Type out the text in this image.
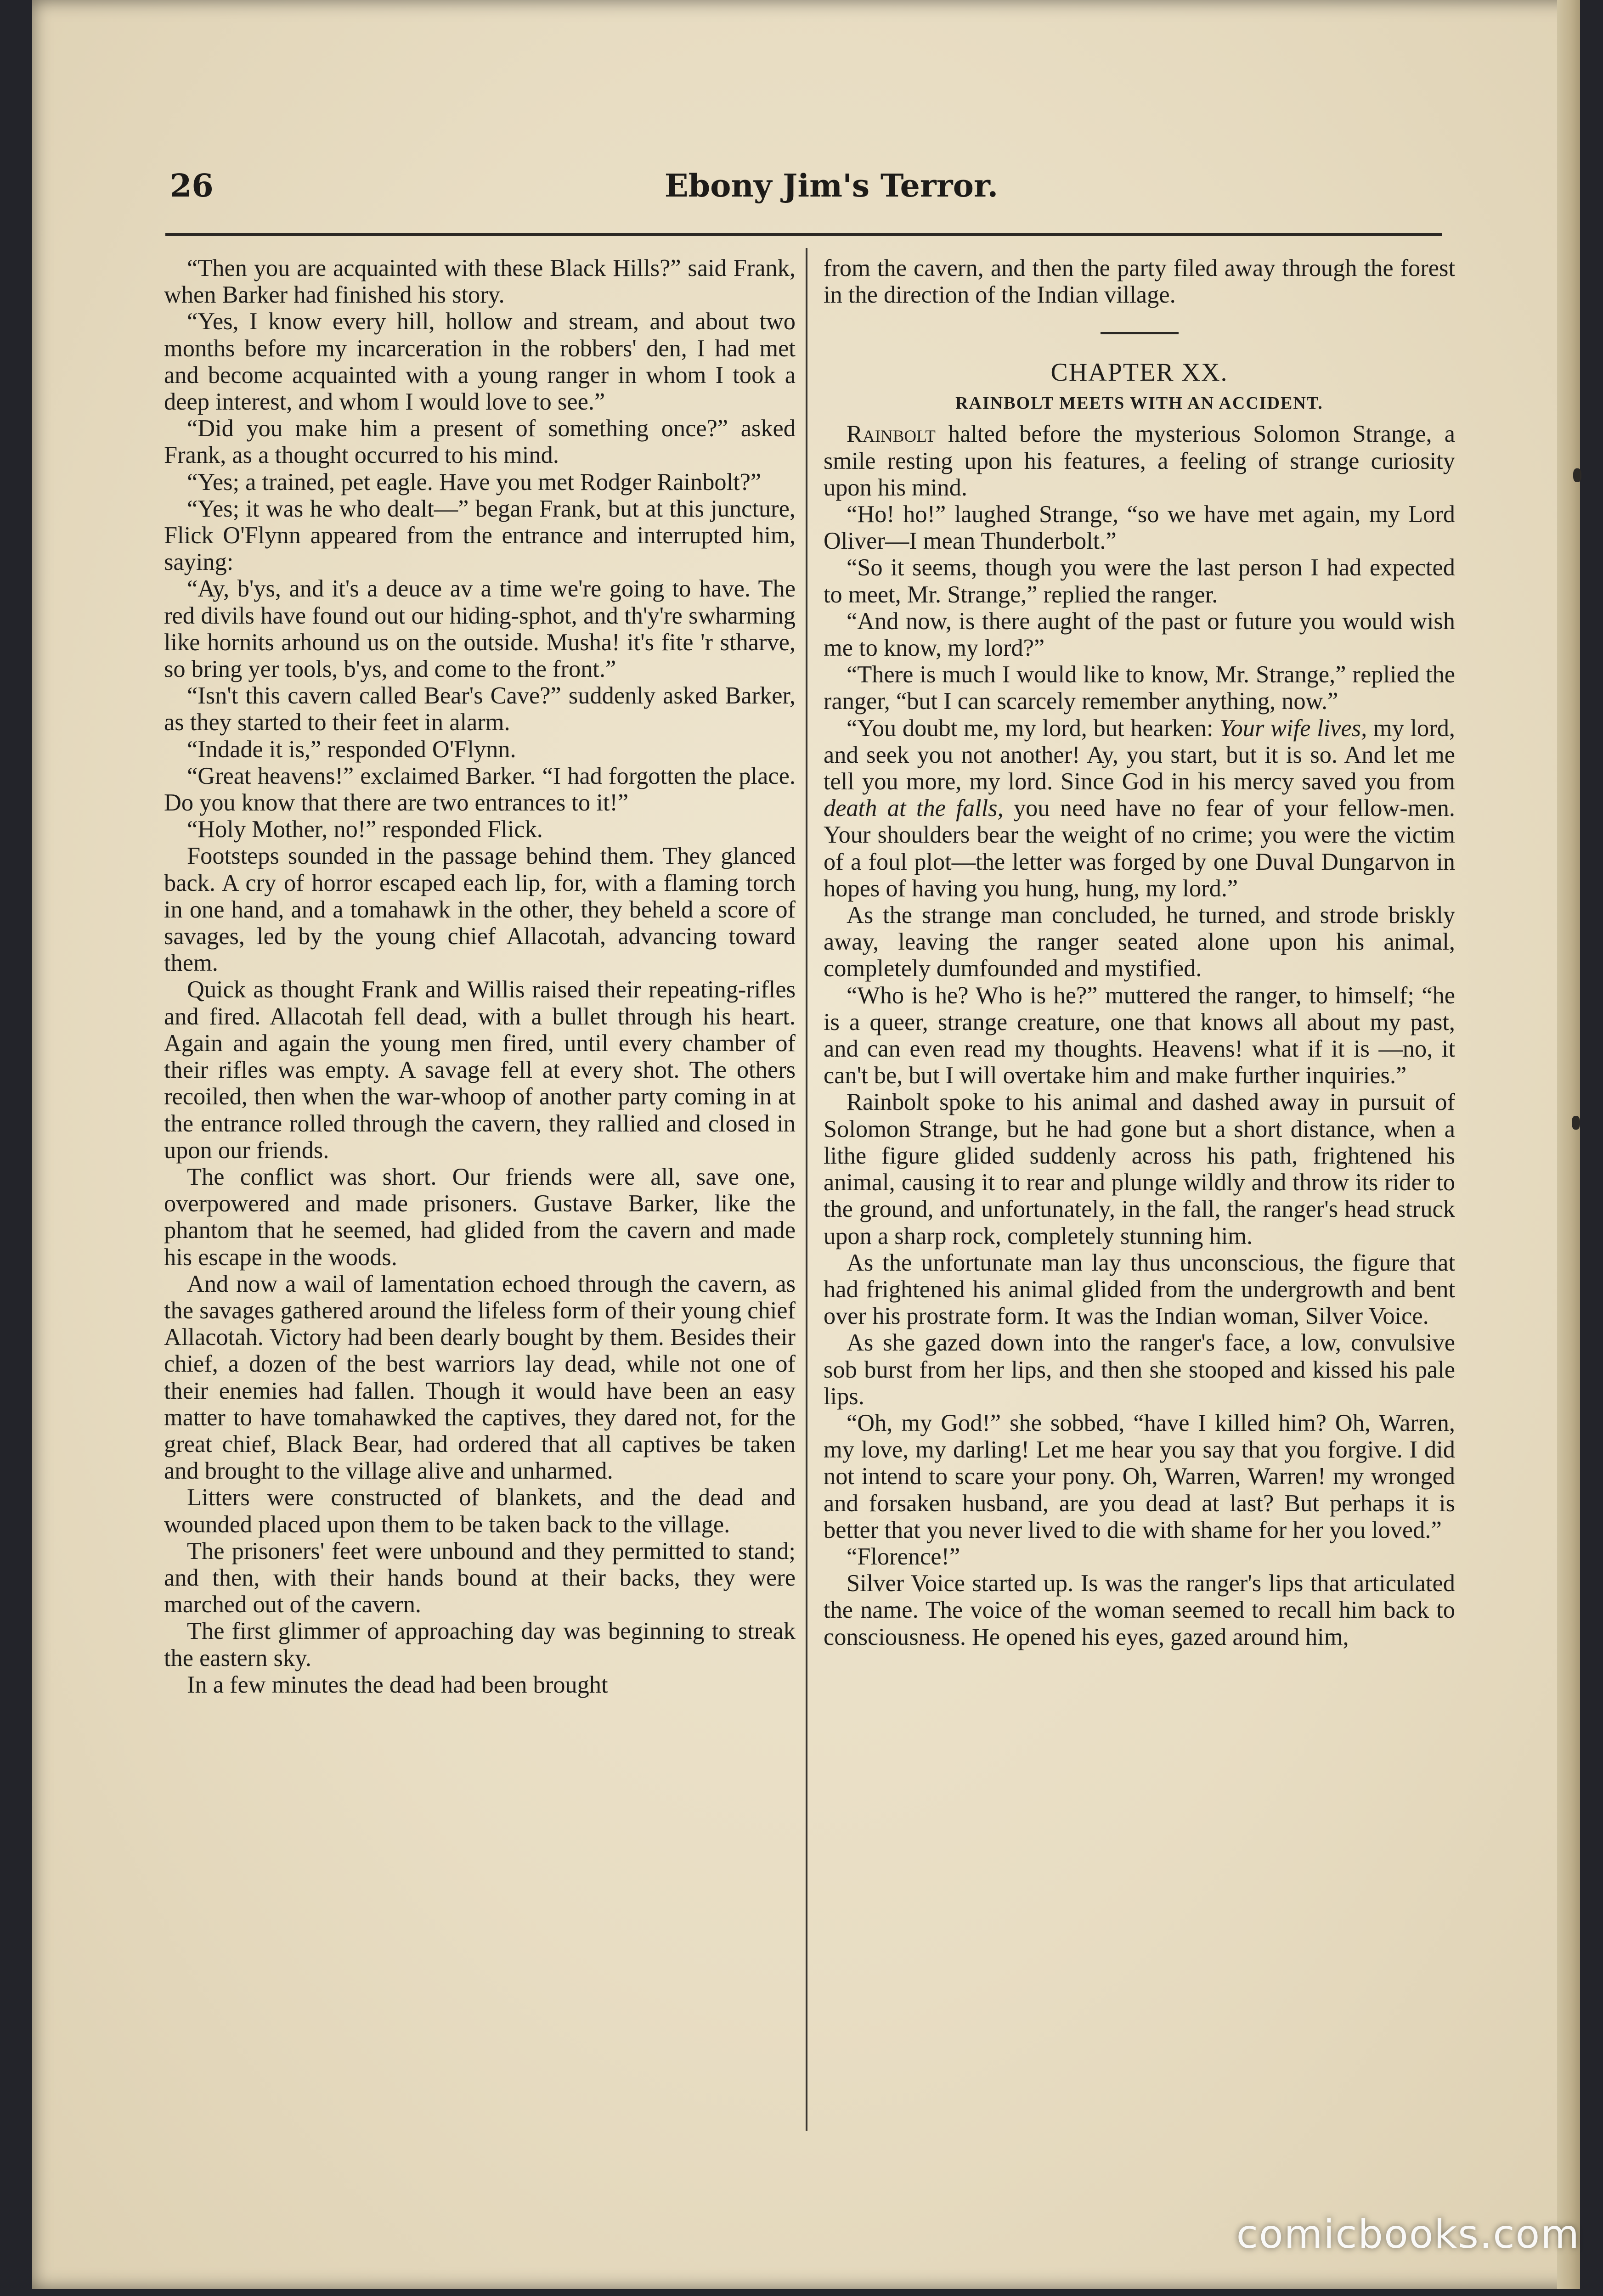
26	Ebony Jim's Terror.

“Then you are acquainted with these Black Hills?” said Frank, when Barker had finished his story.

“Yes, I know every hill, hollow and stream, and about two months before my incarceration in the robbers' den, I had met and become acquainted with a young ranger in whom I took a deep interest, and whom I would love to see.”

“Did you make him a present of something once?” asked Frank, as a thought occurred to his mind.

“Yes; a trained, pet eagle. Have you met Rodger Rainbolt?”

“Yes; it was he who dealt—” began Frank, but at this juncture, Flick O'Flynn appeared from the entrance and interrupted him, saying:

“Ay, b'ys, and it's a deuce av a time we're going to have. The red divils have found out our hiding-sphot, and th'y're swharming like hornits arhound us on the outside. Musha! it's fite 'r stharve, so bring yer tools, b'ys, and come to the front.”

“Isn't this cavern called Bear's Cave?” suddenly asked Barker, as they started to their feet in alarm.

“Indade it is,” responded O'Flynn.

“Great heavens!” exclaimed Barker. “I had forgotten the place. Do you know that there are two entrances to it!”

“Holy Mother, no!” responded Flick.

Footsteps sounded in the passage behind them. They glanced back. A cry of horror escaped each lip, for, with a flaming torch in one hand, and a tomahawk in the other, they beheld a score of savages, led by the young chief Allacotah, advancing toward them.

Quick as thought Frank and Willis raised their repeating-rifles and fired. Allacotah fell dead, with a bullet through his heart. Again and again the young men fired, until every chamber of their rifles was empty. A savage fell at every shot. The others recoiled, then when the war-whoop of another party coming in at the entrance rolled through the cavern, they rallied and closed in upon our friends.

The conflict was short. Our friends were all, save one, overpowered and made prisoners. Gustave Barker, like the phantom that he seemed, had glided from the cavern and made his escape in the woods.

And now a wail of lamentation echoed through the cavern, as the savages gathered around the lifeless form of their young chief Allacotah. Victory had been dearly bought by them. Besides their chief, a dozen of the best warriors lay dead, while not one of their enemies had fallen. Though it would have been an easy matter to have tomahawked the captives, they dared not, for the great chief, Black Bear, had ordered that all captives be taken and brought to the village alive and unharmed.

Litters were constructed of blankets, and the dead and wounded placed upon them to be taken back to the village.

The prisoners' feet were unbound and they permitted to stand; and then, with their hands bound at their backs, they were marched out of the cavern.

The first glimmer of approaching day was beginning to streak the eastern sky.

In a few minutes the dead had been brought

from the cavern, and then the party filed away through the forest in the direction of the Indian village.

CHAPTER XX.
RAINBOLT MEETS WITH AN ACCIDENT.

Rainbolt halted before the mysterious Solomon Strange, a smile resting upon his features, a feeling of strange curiosity upon his mind.

“Ho! ho!” laughed Strange, “so we have met again, my Lord Oliver—I mean Thunderbolt.”

“So it seems, though you were the last person I had expected to meet, Mr. Strange,” replied the ranger.

“And now, is there aught of the past or future you would wish me to know, my lord?”

“There is much I would like to know, Mr. Strange,” replied the ranger, “but I can scarcely remember anything, now.”

“You doubt me, my lord, but hearken: Your wife lives, my lord, and seek you not another! Ay, you start, but it is so. And let me tell you more, my lord. Since God in his mercy saved you from death at the falls, you need have no fear of your fellow-men. Your shoulders bear the weight of no crime; you were the victim of a foul plot—the letter was forged by one Duval Dungarvon in hopes of having you hung, hung, my lord.”

As the strange man concluded, he turned, and strode briskly away, leaving the ranger seated alone upon his animal, completely dumfounded and mystified.

“Who is he? Who is he?” muttered the ranger, to himself; “he is a queer, strange creature, one that knows all about my past, and can even read my thoughts. Heavens! what if it is —no, it can't be, but I will overtake him and make further inquiries.”

Rainbolt spoke to his animal and dashed away in pursuit of Solomon Strange, but he had gone but a short distance, when a lithe figure glided suddenly across his path, frightened his animal, causing it to rear and plunge wildly and throw its rider to the ground, and unfortunately, in the fall, the ranger's head struck upon a sharp rock, completely stunning him.

As the unfortunate man lay thus unconscious, the figure that had frightened his animal glided from the undergrowth and bent over his prostrate form. It was the Indian woman, Silver Voice.

As she gazed down into the ranger's face, a low, convulsive sob burst from her lips, and then she stooped and kissed his pale lips.

“Oh, my God!” she sobbed, “have I killed him? Oh, Warren, my love, my darling! Let me hear you say that you forgive. I did not intend to scare your pony. Oh, Warren, Warren! my wronged and forsaken husband, are you dead at last? But perhaps it is better that you never lived to die with shame for her you loved.”

“Florence!”

Silver Voice started up. Is was the ranger's lips that articulated the name. The voice of the woman seemed to recall him back to consciousness. He opened his eyes, gazed around him,

comicbooks.com
